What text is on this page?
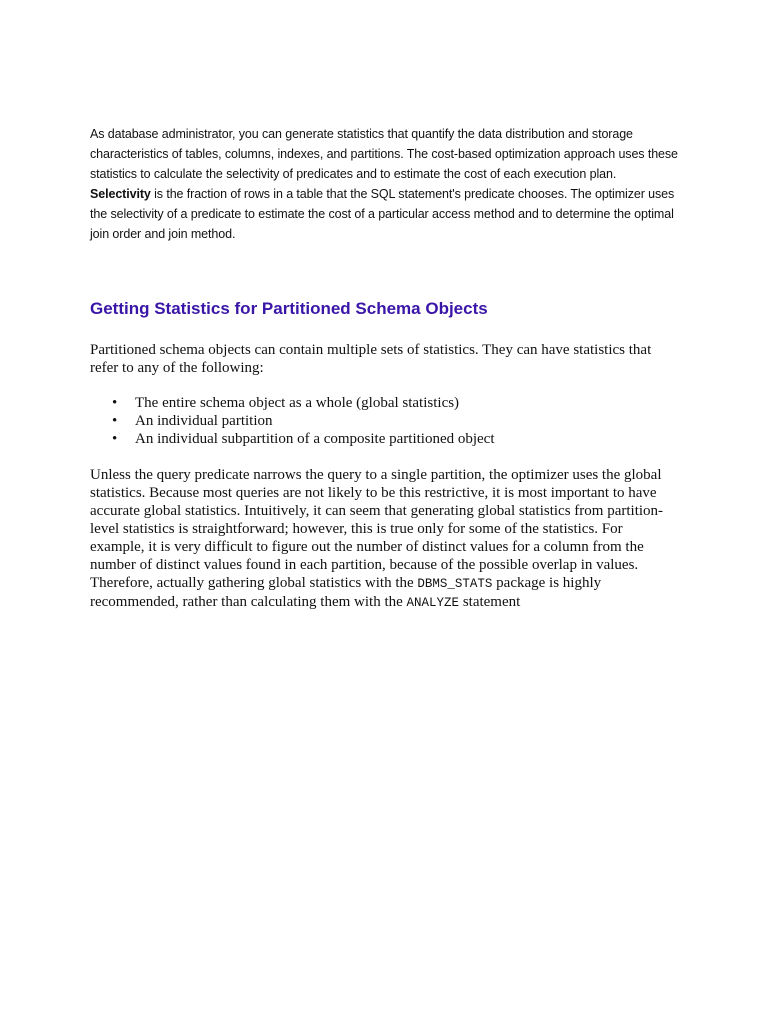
As database administrator, you can generate statistics that quantify the data distribution and storage characteristics of tables, columns, indexes, and partitions. The cost-based optimization approach uses these statistics to calculate the selectivity of predicates and to estimate the cost of each execution plan. Selectivity is the fraction of rows in a table that the SQL statement's predicate chooses. The optimizer uses the selectivity of a predicate to estimate the cost of a particular access method and to determine the optimal join order and join method.

Getting Statistics for Partitioned Schema Objects

Partitioned schema objects can contain multiple sets of statistics. They can have statistics that refer to any of the following:

• The entire schema object as a whole (global statistics)
• An individual partition
• An individual subpartition of a composite partitioned object

Unless the query predicate narrows the query to a single partition, the optimizer uses the global statistics. Because most queries are not likely to be this restrictive, it is most important to have accurate global statistics. Intuitively, it can seem that generating global statistics from partition-level statistics is straightforward; however, this is true only for some of the statistics. For example, it is very difficult to figure out the number of distinct values for a column from the number of distinct values found in each partition, because of the possible overlap in values. Therefore, actually gathering global statistics with the DBMS_STATS package is highly recommended, rather than calculating them with the ANALYZE statement
